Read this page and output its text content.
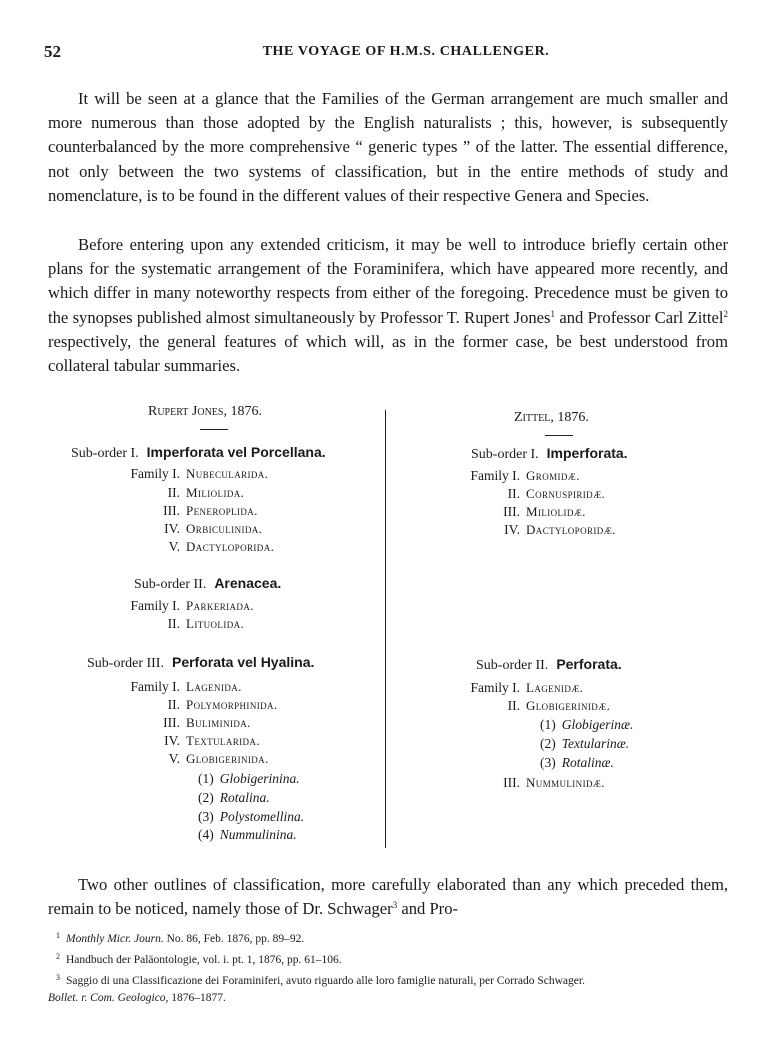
52	THE VOYAGE OF H.M.S. CHALLENGER.

It will be seen at a glance that the Families of the German arrangement are much smaller and more numerous than those adopted by the English naturalists ; this, however, is subsequently counterbalanced by the more comprehensive “ generic types ” of the latter. The essential difference, not only between the two systems of classification, but in the entire methods of study and nomenclature, is to be found in the different values of their respective Genera and Species.

Before entering upon any extended criticism, it may be well to introduce briefly certain other plans for the systematic arrangement of the Foraminifera, which have appeared more recently, and which differ in many noteworthy respects from either of the foregoing. Precedence must be given to the synopses published almost simultaneously by Professor T. Rupert Jones$^1$ and Professor Carl Zittel$^2$ respectively, the general features of which will, as in the former case, be best understood from collateral tabular summaries.

Rupert Jones, 1876.
Sub-order I. Imperforata vel Porcellana.
Family I. Nubecularida.
II. Miliolida.
III. Peneroplida.
IV. Orbiculinida.
V. Dactyloporida.
Sub-order II. Arenacea.
Family I. Parkeriada.
II. Lituolida.
Sub-order III. Perforata vel Hyalina.
Family I. Lagenida.
II. Polymorphinida.
III. Buliminida.
IV. Textularida.
V. Globigerinida.
(1) Globigerinina.
(2) Rotalina.
(3) Polystomellina.
(4) Nummulinina.
Zittel, 1876.
Sub-order I. Imperforata.
Family I. Gromidæ.
II. Cornuspiridæ.
III. Miliolidæ.
IV. Dactyloporidæ.
Sub-order II. Perforata.
Family I. Lagenidæ.
II. Globigerinidæ.
(1) Globigerinæ.
(2) Textularinæ.
(3) Rotalinæ.
III. Nummulinidæ.

Two other outlines of classification, more carefully elaborated than any which preceded them, remain to be noticed, namely those of Dr. Schwager$^3$ and Pro-

1 Monthly Micr. Journ. No. 86, Feb. 1876, pp. 89–92.
2 Handbuch der Paläontologie, vol. i. pt. 1, 1876, pp. 61–106.
3 Saggio di una Classificazione dei Foraminiferi, avuto riguardo alle loro famiglie naturali, per Corrado Schwager.
Bollet. r. Com. Geologico, 1876–1877.
